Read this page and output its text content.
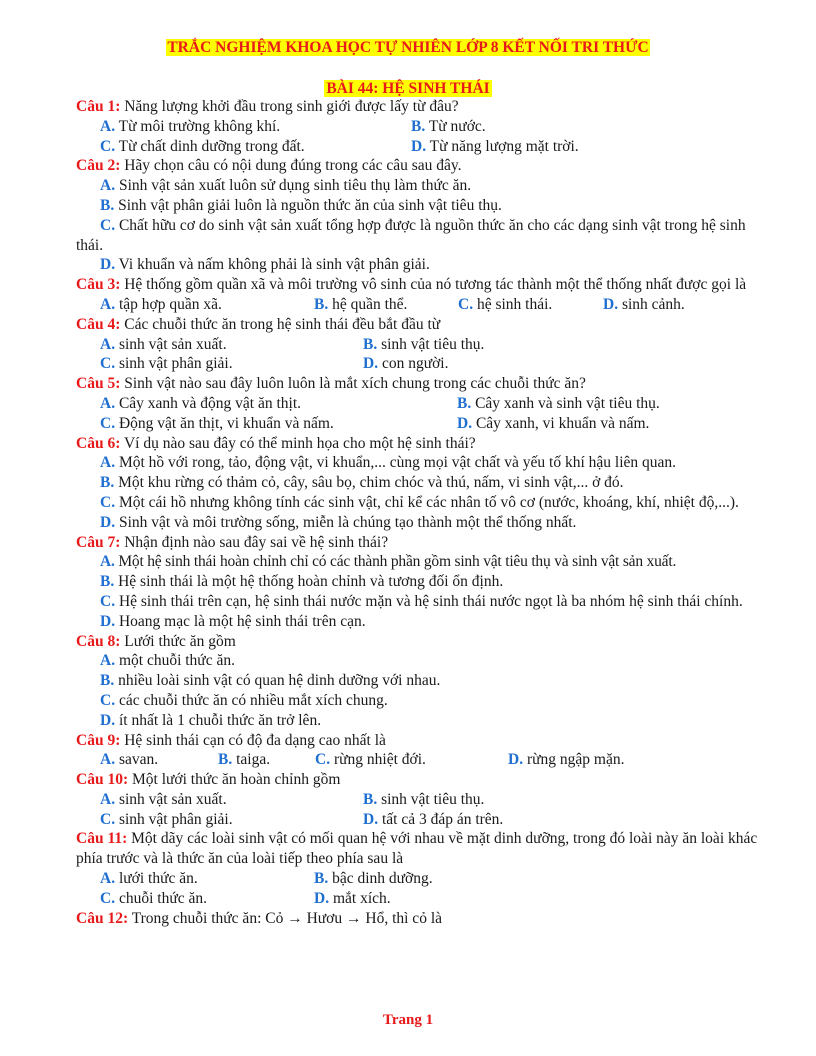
TRẮC NGHIỆM KHOA HỌC TỰ NHIÊN LỚP 8 KẾT NỐI TRI THỨC
BÀI 44: HỆ SINH THÁI

Câu 1: Năng lượng khởi đầu trong sinh giới được lấy từ đâu?

A. Từ môi trường không khí.	B. Từ nước.
C. Từ chất dinh dưỡng trong đất.	D. Từ năng lượng mặt trời.

Câu 2: Hãy chọn câu có nội dung đúng trong các câu sau đây.

A. Sinh vật sản xuất luôn sử dụng sinh tiêu thụ làm thức ăn.

B. Sinh vật phân giải luôn là nguồn thức ăn của sinh vật tiêu thụ.

C. Chất hữu cơ do sinh vật sản xuất tổng hợp được là nguồn thức ăn cho các dạng sinh vật trong hệ sinh thái.

D. Vi khuẩn và nấm không phải là sinh vật phân giải.

Câu 3: Hệ thống gồm quần xã và môi trường vô sinh của nó tương tác thành một thể thống nhất được gọi là

A. tập hợp quần xã.	B. hệ quần thể.	C. hệ sinh thái.	D. sinh cảnh.

Câu 4: Các chuỗi thức ăn trong hệ sinh thái đều bắt đầu từ

A. sinh vật sản xuất.	B. sinh vật tiêu thụ.
C. sinh vật phân giải.	D. con người.

Câu 5: Sinh vật nào sau đây luôn luôn là mắt xích chung trong các chuỗi thức ăn?

A. Cây xanh và động vật ăn thịt.	B. Cây xanh và sinh vật tiêu thụ.
C. Động vật ăn thịt, vi khuẩn và nấm.	D. Cây xanh, vi khuẩn và nấm.

Câu 6: Ví dụ nào sau đây có thể minh họa cho một hệ sinh thái?

A. Một hồ với rong, tảo, động vật, vi khuẩn,... cùng mọi vật chất và yếu tố khí hậu liên quan.

B. Một khu rừng có thảm cỏ, cây, sâu bọ, chim chóc và thú, nấm, vi sinh vật,... ở đó.

C. Một cái hồ nhưng không tính các sinh vật, chỉ kể các nhân tố vô cơ (nước, khoáng, khí, nhiệt độ,...).

D. Sinh vật và môi trường sống, miễn là chúng tạo thành một thể thống nhất.

Câu 7: Nhận định nào sau đây sai về hệ sinh thái?

A. Một hệ sinh thái hoàn chỉnh chỉ có các thành phần gồm sinh vật tiêu thụ và sinh vật sản xuất.

B. Hệ sinh thái là một hệ thống hoàn chỉnh và tương đối ổn định.

C. Hệ sinh thái trên cạn, hệ sinh thái nước mặn và hệ sinh thái nước ngọt là ba nhóm hệ sinh thái chính.

D. Hoang mạc là một hệ sinh thái trên cạn.

Câu 8: Lưới thức ăn gồm

A. một chuỗi thức ăn.

B. nhiều loài sinh vật có quan hệ dinh dưỡng với nhau.

C. các chuỗi thức ăn có nhiều mắt xích chung.

D. ít nhất là 1 chuỗi thức ăn trở lên.

Câu 9: Hệ sinh thái cạn có độ đa dạng cao nhất là

A. savan.	B. taiga.	C. rừng nhiệt đới.	D. rừng ngập mặn.

Câu 10: Một lưới thức ăn hoàn chỉnh gồm

A. sinh vật sản xuất.	B. sinh vật tiêu thụ.
C. sinh vật phân giải.	D. tất cả 3 đáp án trên.

Câu 11: Một dãy các loài sinh vật có mối quan hệ với nhau về mặt dinh dưỡng, trong đó loài này ăn loài khác phía trước và là thức ăn của loài tiếp theo phía sau là

A. lưới thức ăn.	B. bậc dinh dưỡng.
C. chuỗi thức ăn.	D. mắt xích.

Câu 12: Trong chuỗi thức ăn: Cỏ → Hươu → Hổ, thì cỏ là

Trang 1
